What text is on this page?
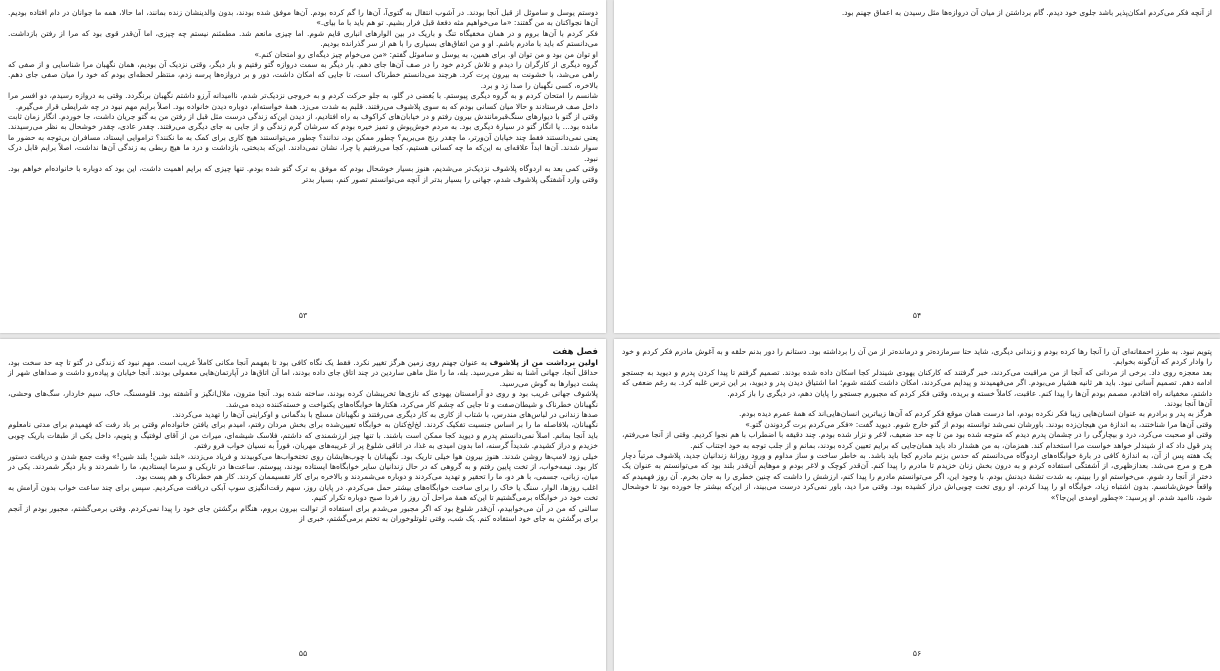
دوستم یوسل و ساموئل از قبل آنجا بودند. در آشوب انتقال به گتوی‌آ، آن‌ها را گم کرده بودم. آن‌ها موفق شده بودند، بدون والدینشان زنده بمانند، اما حالا، همه ما جوانان در دام افتاده بودیم. آن‌ها نجوا‌کنان به من گفتند: «ما می‌خواهیم مثه دفعهٔ قبل فرار بشیم. تو هم باید با ما بیای.»

فکر کردم با آن‌ها بروم و در همان مخفیگاه تنگ و باریک در بین الوارهای انباری قایم شوم. اما چیزی مانعم شد. مطمئنم نیستم چه چیزی، اما آن‌قدر قوی بود که مرا از رفتن بازداشت. می‌دانستم که باید با مادرم باشم. او و من اتفاق‌های بسیاری را با هم از سر گذرانده بودیم.

او توان من بود و من توان او. برای همین، به یوسل و ساموئل گفتم: «من می‌خوام چیز دیگه‌ای رو امتحان کنم.»

گروه دیگری از کارگران را دیدم و تلاش کردم خود را در صف آن‌ها جای دهم. بار دیگر به سمت دروازه گتو رفتیم و بار دیگر، وقتی نزدیک آن بودیم، همان نگهبان مرا شناسایی و از صفی که راهی می‌شد، با خشونت به بیرون پرت کرد. هرچند می‌دانستم خطرناک است، تا جایی که امکان داشت، دور و بر دروازه‌ها پرسه زدم، منتظر لحظه‌ای بودم که خود را میان صفی جای دهم. بالاخره، کسی نگهبان را صدا زد و برد.

شانسم را امتحان کردم و به گروه دیگری پیوستم. با بُغضی در گلو، به جلو حرکت کردم و به خروجی نزدیک‌تر شدم، ناامیدانه آرزو داشتم نگهبان برنگردد. وقتی به دروازه رسیدم، دو افسر مرا داخل صف فرستادند و حالا میان کسانی بودم که به سوی پلاشوف می‌رفتند. قلبم به شدت می‌زد. همهٔ خواسته‌ام، دوباره دیدن خانواده بود. اصلاً برایم مهم نبود در چه شرایطی قرار می‌گیرم.

وقتی از گتو با دیوارهای سنگ‌قبرمانندش بیرون رفتم و در خیابان‌های کراکوف به راه افتادیم، از دیدن این‌که زندگی درست مثل قبل از رفتن من به گتو جریان داشت، جا خوردم. انگار زمان ثابت مانده بود... یا انگار گتو در سیارهٔ دیگری بود. به مردم خوش‌پوش و تمیز خیره بودم که سرشان گرم زندگی و از جایی به جای دیگری می‌رفتند. چقدر عادی، چقدر خوشحال به نظر می‌رسیدند. یعنی نمی‌دانستند فقط چند خیابان آن‌ورتر، ما چقدر رنج می‌بریم؟ چطور ممکن بود، ندانند؟ چطور می‌توانستند هیچ کاری برای کمک به ما نکنند؟ تراموایی ایستاد، مسافران بی‌توجه به حضور ما سوار شدند. آن‌ها ابداً علاقه‌ای به این‌که ما چه کسانی هستیم، کجا می‌رفتیم یا چرا، نشان نمی‌دادند. این‌که بدبختی، بازداشت و درد ما هیچ ربطی به زندگی آن‌ها نداشت، اصلاً برایم قابل درک نبود.

وقتی کمی بعد به اردوگاه پلاشوف نزدیک‌تر می‌شدیم، هنوز بسیار خوشحال بودم که موفق به ترک گتو شده بودم. تنها چیزی که برایم اهمیت داشت، این بود که دوباره با خانواده‌ام خواهم بود. وقتی وارد آشفتگی پلاشوف شدم، جهانی را بسیار بدتر از آنچه می‌توانستم تصور کنم، بسیار بدتر

۵۳

از آنچه فکر می‌کردم امکان‌پذیر باشد جلوی خود دیدم. گام برداشتن از میان آن دروازه‌ها مثل رسیدن به اعماق جهنم بود.

۵۴

فصل هفت

اولین برداشت من از پلاشوف به عنوان جهنم روی زمین هرگز تغییر نکرد. فقط یک نگاه کافی بود تا بفهمم آنجا مکانی کاملاً غریب است. مهم نبود که زندگی در گتو تا چه حد سخت بود، حداقل آنجا، جهانی آشنا به نظر می‌رسید. بله، ما را مثل ماهی ساردین در چند اتاق جای داده بودند، اما آن اتاق‌ها در آپارتمان‌هایی معمولی بودند. آنجا خیابان و پیاده‌رو داشت و صداهای شهر از پشت دیوارها به گوش می‌رسید.

پلاشوف جهانی غریب بود و روی دو آرامستان یهودی که نازی‌ها تخریبشان کرده بودند، ساخته شده بود. آنجا مترون، ملال‌انگیز و آشفته بود. قلومسنگ، خاک، سیم خاردار، سگ‌های وحشی، نگهبانان خطرناک و شیطان‌صفت و تا جایی که چشم کار می‌کرد، هکتارها خوابگاه‌های یکنواخت و خسته‌کننده دیده می‌شد.

صدها زندانی در لباس‌های مندرس، با شتاب از کاری به کار دیگری می‌رفتند و نگهبانان مسلح با بدگمانی و اوکراینی آن‌ها را تهدید می‌کردند.

نگهبانان، بلافاصله ما را بر اساس جنسیت تفکیک کردند. لخ‌لخ‌کنان به خوابگاه تعیین‌شده برای بخش مردان رفتم، امیدم برای یافتن خانواده‌ام وقتی بر باد رفت که فهمیدم برای مدتی نامعلوم باید آنجا بمانم. اصلاً نمی‌دانستم پدرم و دیوید کجا ممکن است باشند. با تنها چیز ارزشمندی که داشتم، فلاسک شیشه‌ای، میراث من از آقای لوفتیگ و پتویم، داخل یکی از طبقات باریک چوبی خزیدم و دراز کشیدم. شدیداً گرسنه، اما بدون امیدی به غذا، در اتاقی شلوغ پر از غریبه‌های مهربان، فوراً به نسیان خواب فرو رفتم.

خیلی زود لامپ‌ها روشن شدند. هنوز بیرون هوا خیلی تاریک بود. نگهبانان با چوب‌هایشان روی تختخواب‌ها می‌کوبیدند و فریاد می‌زدند، «بلند شین! بلند شین!» وقت جمع شدن و دریافت دستور کار بود. نیمه‌خواب، از تخت پایین رفتم و به گروهی که در حال زندانیان سایر خوابگاه‌ها ایستاده بودند، پیوستم. ساعت‌ها در تاریکی و سرما ایستادیم، ما را شمردند و بار دیگر شمردند. یکی در میان، زبانی، جسمی، با هر دو، ما را تحقیر و تهدید می‌کردند و دوباره می‌شمردند و بالاخره برای کار تقسیممان کردند. کار هم خطرناک و هم پست بود.

اغلب روزها، الوار، سنگ یا خاک را برای ساخت خوابگاه‌های بیشتر حمل می‌کردم. در پایان روز، سهم رقت‌انگیزی سوپ آبکی دریافت می‌کردیم. سپس برای چند ساعت خواب بدون آرامش به تخت خود در خوابگاه برمی‌گشتیم تا این‌که همهٔ مراحل آن روز را فردا صبح دوباره تکرار کنیم.

سالنی که من در آن می‌خوابیدم، آن‌قدر شلوغ بود که اگر مجبور می‌شدم برای استفاده از توالت بیرون بروم، هنگام برگشتن جای خود را پیدا نمی‌کردم. وقتی برمی‌گشتم، مجبور بودم از آنجم برای برگشتن به جای خود استفاده کنم. یک شب، وقتی تلوتلوخوران به تختم برمی‌گشتم، خبری از

۵۵

پتویم نبود. به طرز احمقانه‌ای آن را آنجا رها کرده بودم و زندانی دیگری، شاید حتا سرمازده‌تر و درمانده‌تر از من آن را برداشته بود. دستانم را دور بدنم حلقه و به آغوش مادرم فکر کردم و خود را وادار کردم که آن‌گونه بخوابم.

بعد معجزه روی داد. برخی از مردانی که آنجا از من مراقبت می‌کردند، خبر گرفتند که کارکنان یهودی شیندلر کجا اسکان داده شده بودند. تصمیم گرفتم تا پیدا کردن پدرم و دیوید به جستجو ادامه دهم. تصمیم آسانی نبود. باید هر ثانیه هشیار می‌بودم. اگر می‌فهمیدند و پیدایم می‌کردند، امکان داشت کشته شوم؛ اما اشتیاق دیدن پدر و دیوید، بر این ترس غلبه کرد. به رغم ضعفی که داشتم، مخفیانه راه افتادم، مصمم بودم آن‌ها را پیدا کنم. عاقبت، کاملاً خسته و بریده، وقتی فکر کردم که مجبورم جستجو را پایان دهم، در دیگری را باز کردم.

آن‌ها آنجا بودند.

هرگز به پدر و برادرم به عنوان انسان‌هایی زیبا فکر نکرده بودم، اما درست همان موقع فکر کردم که آن‌ها زیباترین انسان‌هایی‌اند که همهٔ عمرم دیده بودم.

وقتی آن‌ها مرا شناختند، به اندازهٔ من هیجان‌زده بودند. باورشان نمی‌شد توانسته بودم از گتو خارج شوم. دیوید گفت: «فکر می‌کردم برت گردوندن گتو.»

وقتی او صحبت می‌کرد، درد و بیچارگی را در چشمان پدرم دیدم که متوجه شده بود من تا چه حد ضعیف، لاغر و نزار شده بودم. چند دقیقه با اضطراب با هم نجوا کردیم. وقتی از آنجا می‌رفتم، پدر قول داد که از شیندلر خواهد خواست مرا استخدام کند. همزمان، به من هشدار داد باید همان‌جایی که برایم تعیین کرده بودند، بمانم و از جلب توجه به خود اجتناب کنم.

یک هفته پس از آن، به اندازهٔ کافی در بارهٔ خوابگاه‌های اردوگاه می‌دانستم که حدس بزنم مادرم کجا باید باشد. به خاطر ساخت و ساز مداوم و ورود روزانهٔ زندانیان جدید، پلاشوف مرتباً دچار هرج و مرج می‌شد. بعدازظهری، از آشفتگی استفاده کردم و به درون بخش زنان خزیدم تا مادرم را پیدا کنم. آن‌قدر کوچک و لاغر بودم و موهایم آن‌قدر بلند بود که می‌توانستم به عنوان یک دختر از آنجا رد شوم. می‌خواستم او را ببینم، به شدت تشنهٔ دیدنش بودم. با وجود این، اگر می‌توانستم مادرم را پیدا کنم، ارزشش را داشت که چنین خطری را به جان بخرم. آن روز فهمیدم که واقعاً خوش‌شانسم. بدون اشتباه زیاد، خوابگاه او را پیدا کردم. او روی تخت چوبی‌اش دراز کشیده بود. وقتی مرا دید، باور نمی‌کرد درست می‌بیند، از این‌که بیشتر جا خورده بود تا خوشحال شود، ناامید شدم. او پرسید: «چطور اومدی این‌جا؟»

۵۶
